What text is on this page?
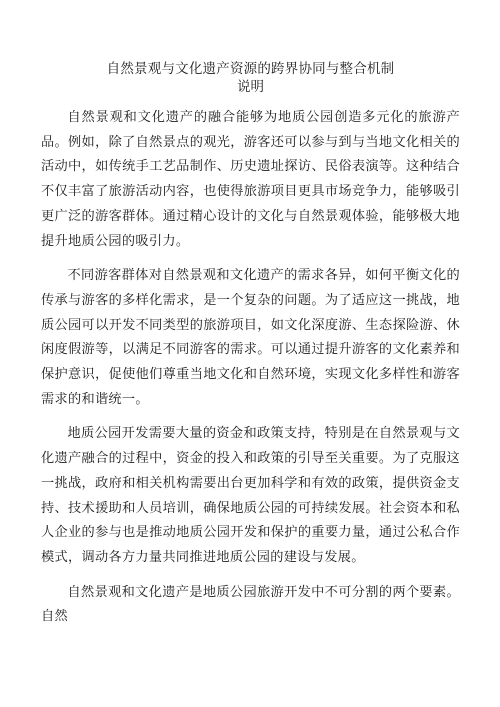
自然景观与文化遗产资源的跨界协同与整合机制
说明

自然景观和文化遗产的融合能够为地质公园创造多元化的旅游产品。例如，除了自然景点的观光，游客还可以参与到与当地文化相关的活动中，如传统手工艺品制作、历史遗址探访、民俗表演等。这种结合不仅丰富了旅游活动内容，也使得旅游项目更具市场竞争力，能够吸引更广泛的游客群体。通过精心设计的文化与自然景观体验，能够极大地提升地质公园的吸引力。

不同游客群体对自然景观和文化遗产的需求各异，如何平衡文化的传承与游客的多样化需求，是一个复杂的问题。为了适应这一挑战，地质公园可以开发不同类型的旅游项目，如文化深度游、生态探险游、休闲度假游等，以满足不同游客的需求。可以通过提升游客的文化素养和保护意识，促使他们尊重当地文化和自然环境，实现文化多样性和游客需求的和谐统一。

地质公园开发需要大量的资金和政策支持，特别是在自然景观与文化遗产融合的过程中，资金的投入和政策的引导至关重要。为了克服这一挑战，政府和相关机构需要出台更加科学和有效的政策，提供资金支持、技术援助和人员培训，确保地质公园的可持续发展。社会资本和私人企业的参与也是推动地质公园开发和保护的重要力量，通过公私合作模式，调动各方力量共同推进地质公园的建设与发展。

自然景观和文化遗产是地质公园旅游开发中不可分割的两个要素。自然
